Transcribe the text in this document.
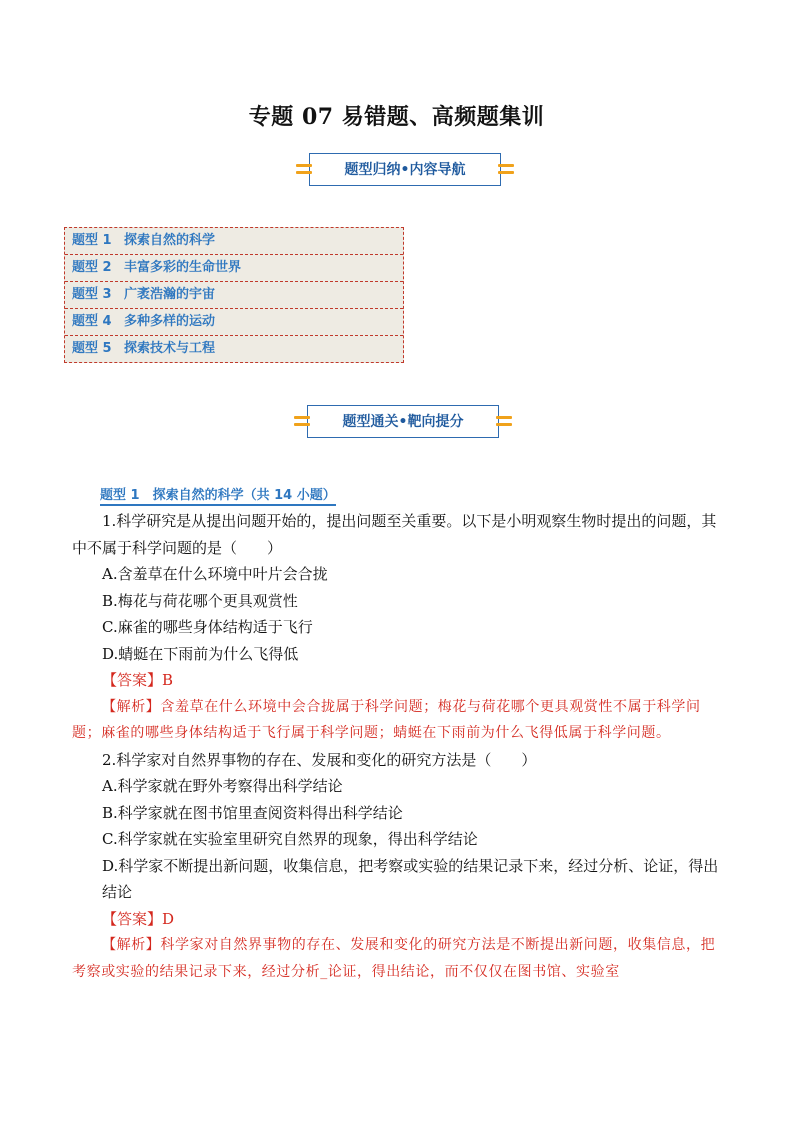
专题 07 易错题、高频题集训
题型归纳•内容导航
题型 1 探索自然的科学
题型 2 丰富多彩的生命世界
题型 3 广袤浩瀚的宇宙
题型 4 多种多样的运动
题型 5 探索技术与工程
题型通关•靶向提分
题型 1　探索自然的科学（共 14 小题）

1.科学研究是从提出问题开始的，提出问题至关重要。以下是小明观察生物时提出的问题，其中不属于科学问题的是（　　）

A.含羞草在什么环境中叶片会合拢

B.梅花与荷花哪个更具观赏性

C.麻雀的哪些身体结构适于飞行

D.蜻蜓在下雨前为什么飞得低

【答案】B

【解析】含羞草在什么环境中会合拢属于科学问题；梅花与荷花哪个更具观赏性不属于科学问题；麻雀的哪些身体结构适于飞行属于科学问题；蜻蜓在下雨前为什么飞得低属于科学问题。

2.科学家对自然界事物的存在、发展和变化的研究方法是（　　）

A.科学家就在野外考察得出科学结论

B.科学家就在图书馆里查阅资料得出科学结论

C.科学家就在实验室里研究自然界的现象，得出科学结论

D.科学家不断提出新问题，收集信息，把考察或实验的结果记录下来，经过分析、论证，得出结论

【答案】D

【解析】科学家对自然界事物的存在、发展和变化的研究方法是不断提出新问题，收集信息，把考察或实验的结果记录下来，经过分析_论证，得出结论，而不仅仅在图书馆、实验室
